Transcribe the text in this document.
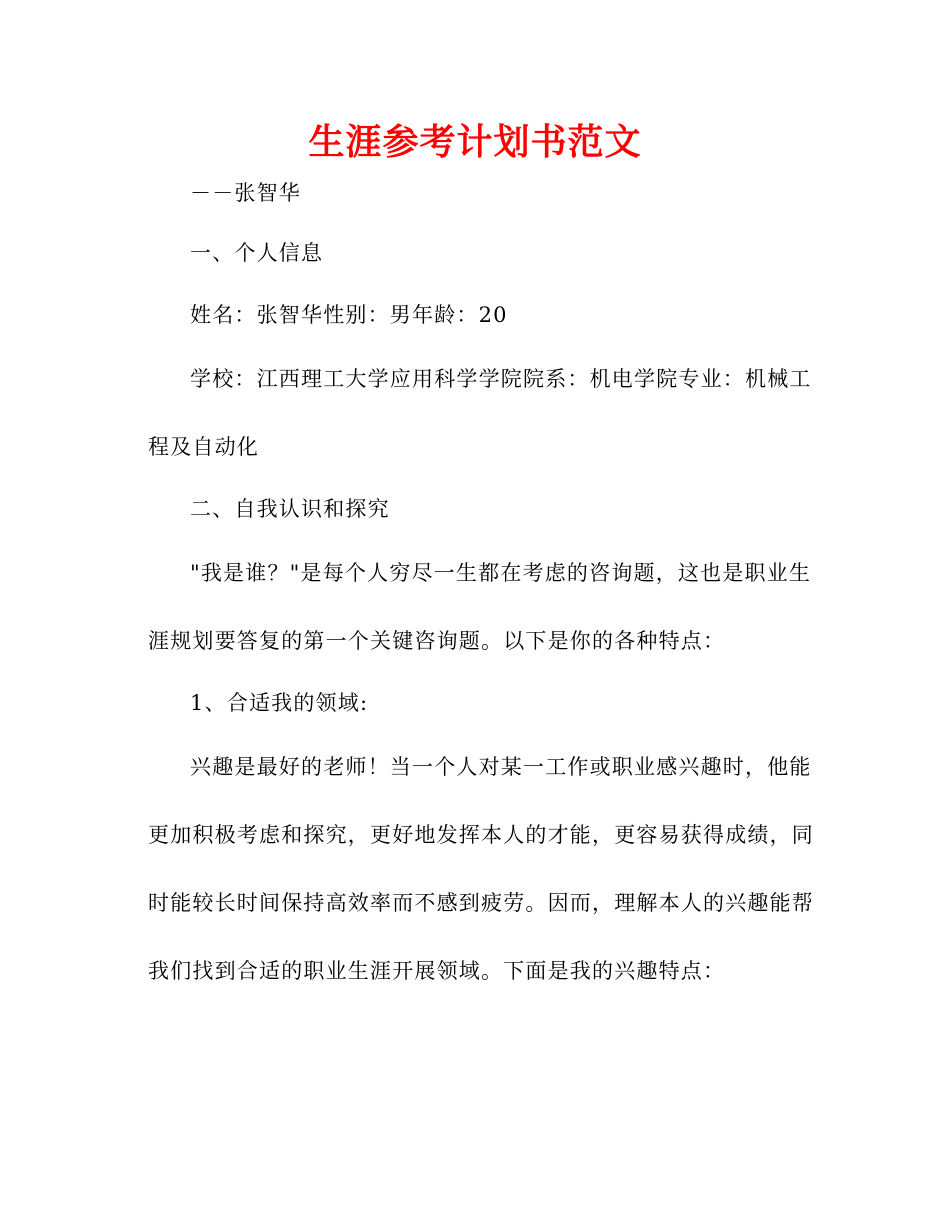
生涯参考计划书范文
－－张智华
一、个人信息
姓名：张智华性别：男年龄：20
学校：江西理工大学应用科学学院院系：机电学院专业：机械工
程及自动化
二、自我认识和探究
"我是谁？"是每个人穷尽一生都在考虑的咨询题，这也是职业生
涯规划要答复的第一个关键咨询题。以下是你的各种特点：
1、合适我的领域:
兴趣是最好的老师！当一个人对某一工作或职业感兴趣时，他能
更加积极考虑和探究，更好地发挥本人的才能，更容易获得成绩，同
时能较长时间保持高效率而不感到疲劳。因而，理解本人的兴趣能帮
我们找到合适的职业生涯开展领域。下面是我的兴趣特点：
